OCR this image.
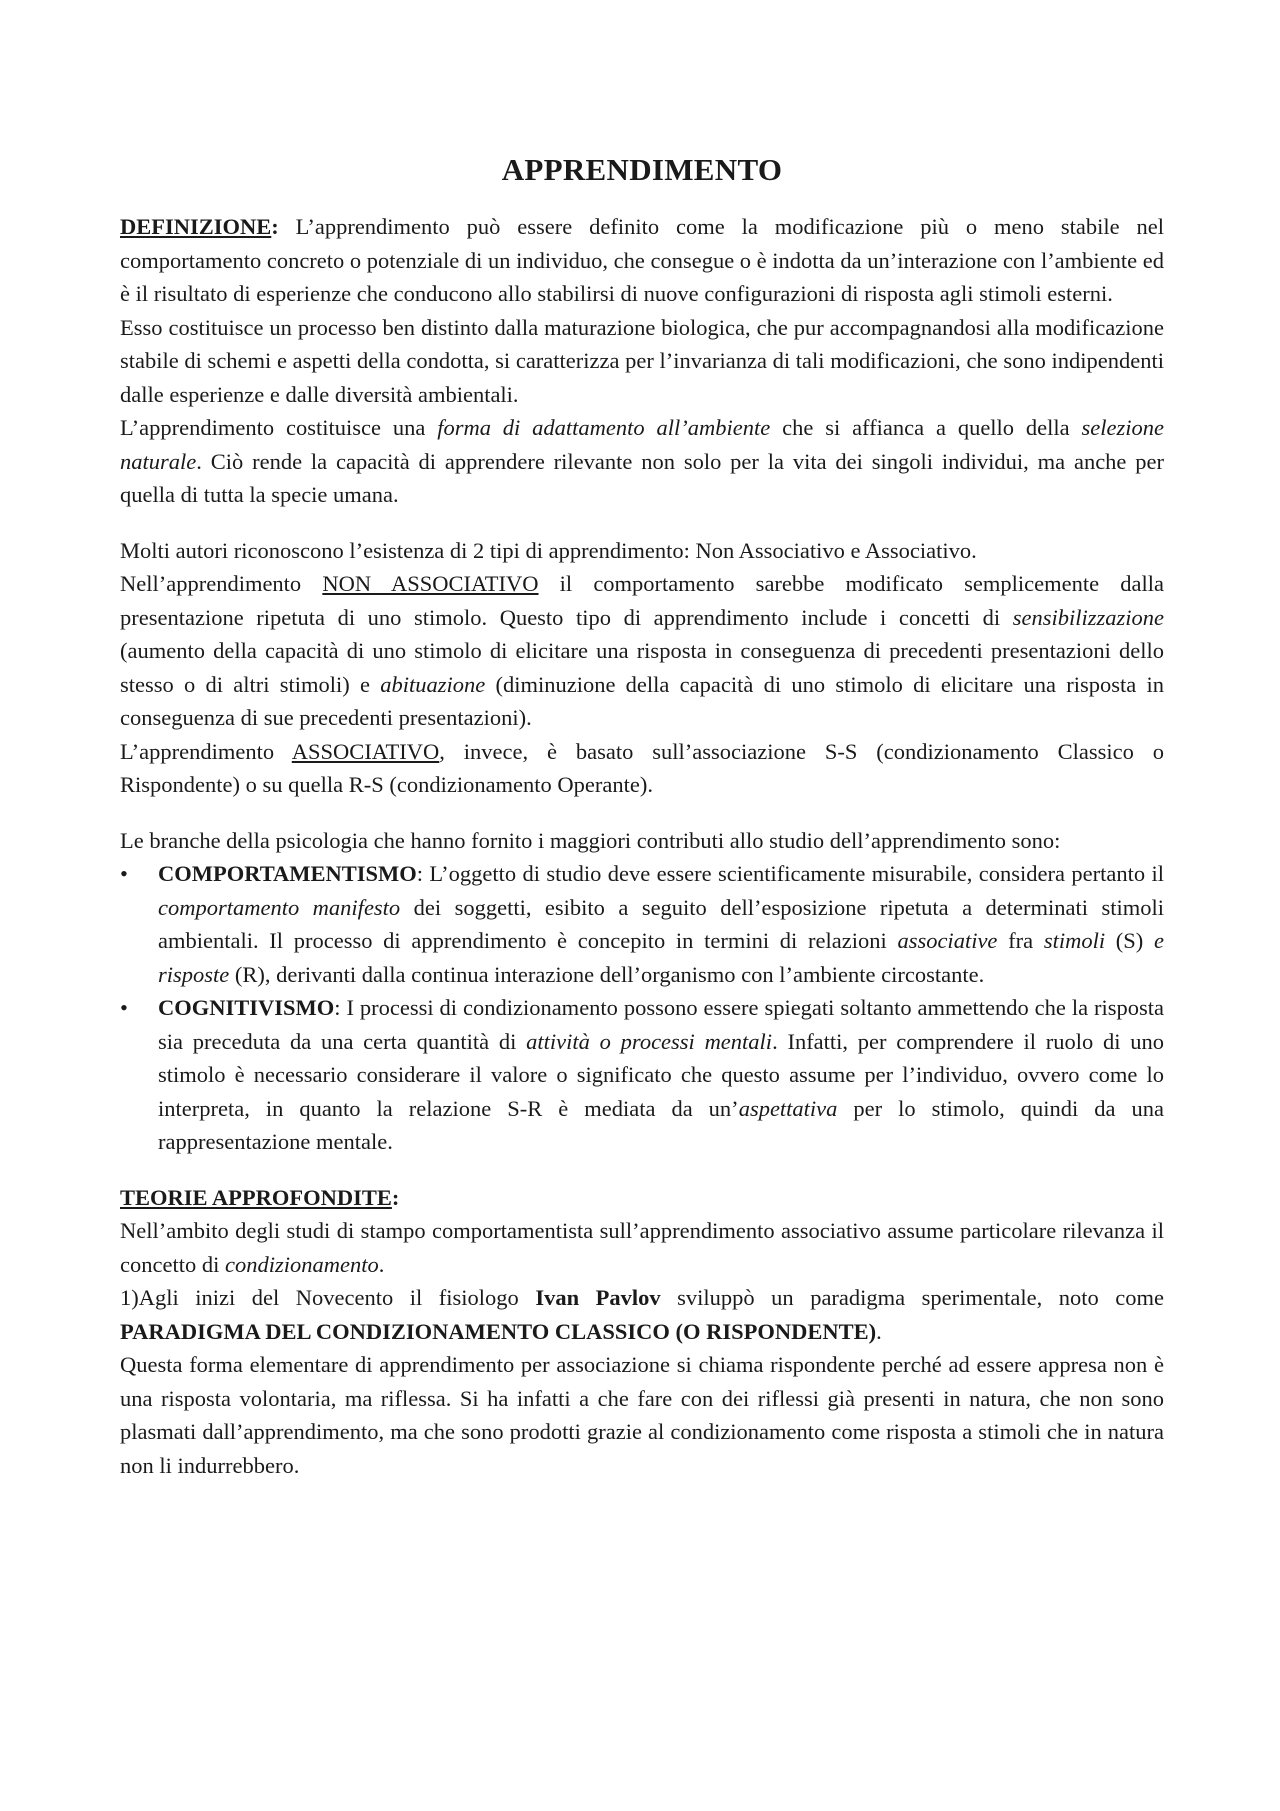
APPRENDIMENTO

DEFINIZIONE: L’apprendimento può essere definito come la modificazione più o meno stabile nel comportamento concreto o potenziale di un individuo, che consegue o è indotta da un’interazione con l’ambiente ed è il risultato di esperienze che conducono allo stabilirsi di nuove configurazioni di risposta agli stimoli esterni.

Esso costituisce un processo ben distinto dalla maturazione biologica, che pur accompagnandosi alla modificazione stabile di schemi e aspetti della condotta, si caratterizza per l’invarianza di tali modificazioni, che sono indipendenti dalle esperienze e dalle diversità ambientali.

L’apprendimento costituisce una forma di adattamento all’ambiente che si affianca a quello della selezione naturale. Ciò rende la capacità di apprendere rilevante non solo per la vita dei singoli individui, ma anche per quella di tutta la specie umana.

Molti autori riconoscono l’esistenza di 2 tipi di apprendimento: Non Associativo e Associativo.

Nell’apprendimento NON ASSOCIATIVO il comportamento sarebbe modificato semplicemente dalla presentazione ripetuta di uno stimolo. Questo tipo di apprendimento include i concetti di sensibilizzazione (aumento della capacità di uno stimolo di elicitare una risposta in conseguenza di precedenti presentazioni dello stesso o di altri stimoli) e abituazione (diminuzione della capacità di uno stimolo di elicitare una risposta in conseguenza di sue precedenti presentazioni).

L’apprendimento ASSOCIATIVO, invece, è basato sull’associazione S-S (condizionamento Classico o Rispondente) o su quella R-S (condizionamento Operante).

Le branche della psicologia che hanno fornito i maggiori contributi allo studio dell’apprendimento sono:

•	COMPORTAMENTISMO: L’oggetto di studio deve essere scientificamente misurabile, considera pertanto il comportamento manifesto dei soggetti, esibito a seguito dell’esposizione ripetuta a determinati stimoli ambientali. Il processo di apprendimento è concepito in termini di relazioni associative fra stimoli (S) e risposte (R), derivanti dalla continua interazione dell’organismo con l’ambiente circostante.
•	COGNITIVISMO: I processi di condizionamento possono essere spiegati soltanto ammettendo che la risposta sia preceduta da una certa quantità di attività o processi mentali. Infatti, per comprendere il ruolo di uno stimolo è necessario considerare il valore o significato che questo assume per l’individuo, ovvero come lo interpreta, in quanto la relazione S-R è mediata da un’aspettativa per lo stimolo, quindi da una rappresentazione mentale.

TEORIE APPROFONDITE:

Nell’ambito degli studi di stampo comportamentista sull’apprendimento associativo assume particolare rilevanza il concetto di condizionamento.

1)Agli inizi del Novecento il fisiologo Ivan Pavlov sviluppò un paradigma sperimentale, noto come PARADIGMA DEL CONDIZIONAMENTO CLASSICO (O RISPONDENTE).

Questa forma elementare di apprendimento per associazione si chiama rispondente perché ad essere appresa non è una risposta volontaria, ma riflessa. Si ha infatti a che fare con dei riflessi già presenti in natura, che non sono plasmati dall’apprendimento, ma che sono prodotti grazie al condizionamento come risposta a stimoli che in natura non li indurrebbero.
